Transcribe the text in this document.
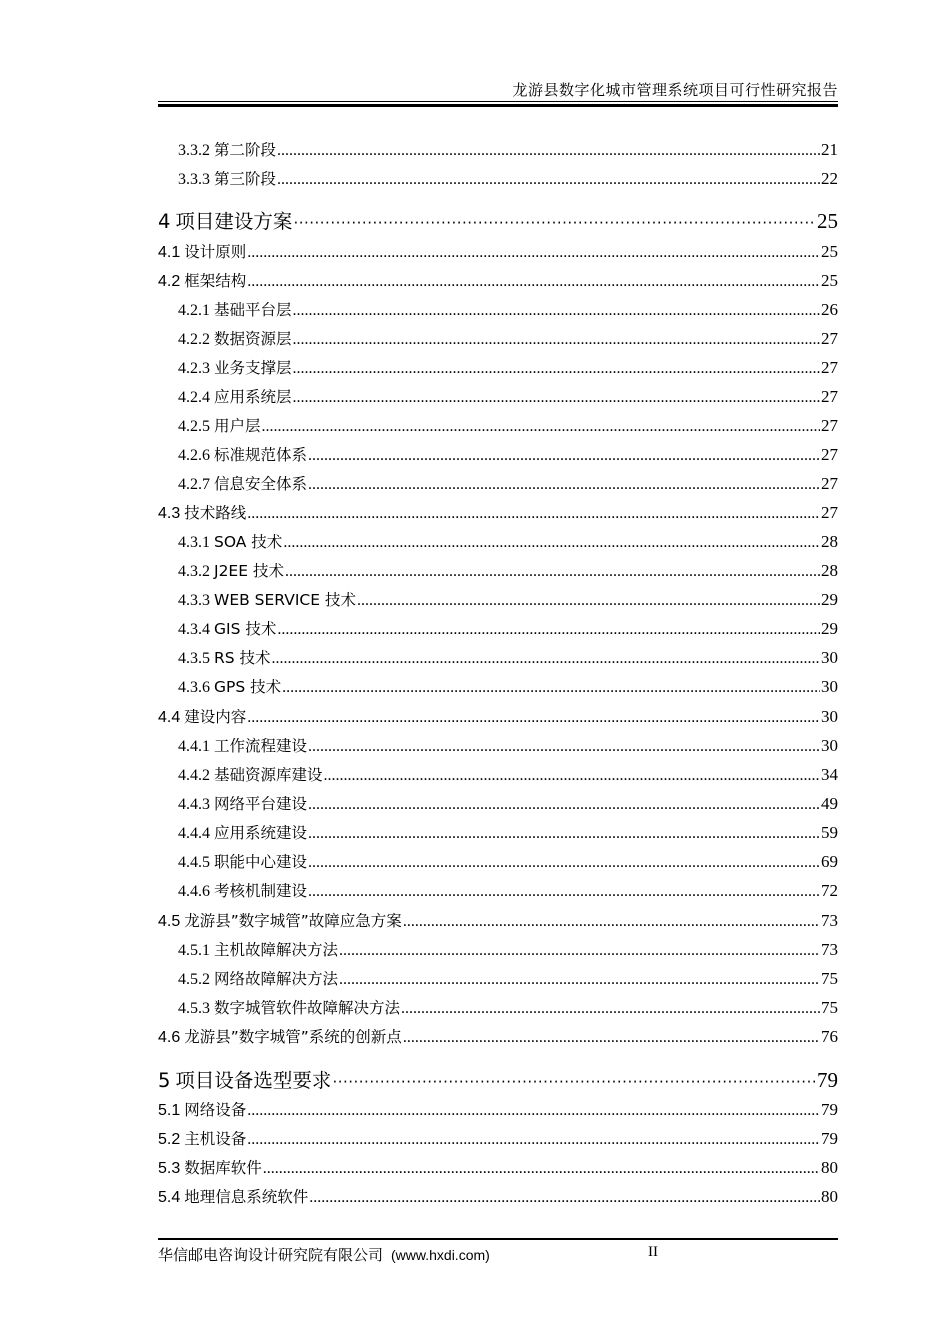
龙游县数字化城市管理系统项目可行性研究报告
3.3.2 第二阶段 .....	21
3.3.3 第三阶段 .....	22
4 项目建设方案 ·····	25
4.1 设计原则 .....	25
4.2 框架结构 .....	25
4.2.1 基础平台层 .....	26
4.2.2 数据资源层 .....	27
4.2.3 业务支撑层 .....	27
4.2.4 应用系统层 .....	27
4.2.5 用户层 .....	27
4.2.6 标准规范体系 .....	27
4.2.7 信息安全体系 .....	27
4.3 技术路线 .....	27
4.3.1 SOA 技术 .....	28
4.3.2 J2EE 技术 .....	28
4.3.3 WEB SERVICE 技术 .....	29
4.3.4 GIS 技术 .....	29
4.3.5 RS 技术 .....	30
4.3.6 GPS 技术 .....	30
4.4 建设内容 .....	30
4.4.1 工作流程建设 .....	30
4.4.2 基础资源库建设 .....	34
4.4.3 网络平台建设 .....	49
4.4.4 应用系统建设 .....	59
4.4.5 职能中心建设 .....	69
4.4.6 考核机制建设 .....	72
4.5 龙游县”数字城管”故障应急方案 .....	73
4.5.1 主机故障解决方法 .....	73
4.5.2 网络故障解决方法 .....	75
4.5.3 数字城管软件故障解决方法 .....	75
4.6 龙游县”数字城管”系统的创新点 .....	76
5 项目设备选型要求 ·····	79
5.1 网络设备 .....	79
5.2 主机设备 .....	79
5.3 数据库软件 .....	80
5.4 地理信息系统软件 .....	80
华信邮电咨询设计研究院有限公司 (www.hxdi.com)	II
